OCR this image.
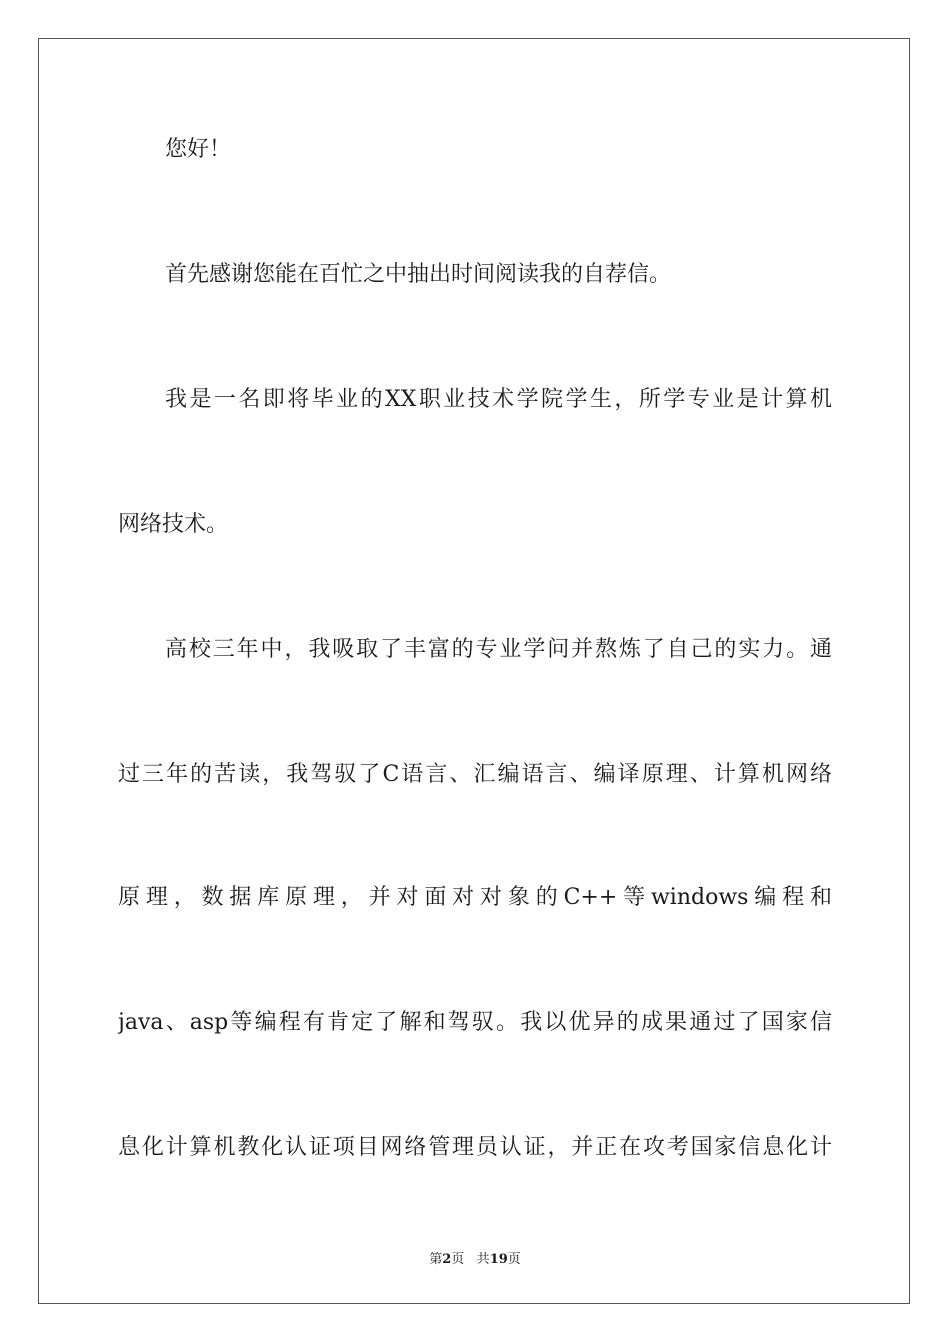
您好！
首先感谢您能在百忙之中抽出时间阅读我的自荐信。
我是一名即将毕业的XX职业技术学院学生，所学专业是计算机
网络技术。
高校三年中，我吸取了丰富的专业学问并熬炼了自己的实力。通
过三年的苦读，我驾驭了C语言、汇编语言、编译原理、计算机网络
原理，数据库原理，并对面对对象的C++等windows编程和
java、asp等编程有肯定了解和驾驭。我以优异的成果通过了国家信
息化计算机教化认证项目网络管理员认证，并正在攻考国家信息化计
第2页 共19页
